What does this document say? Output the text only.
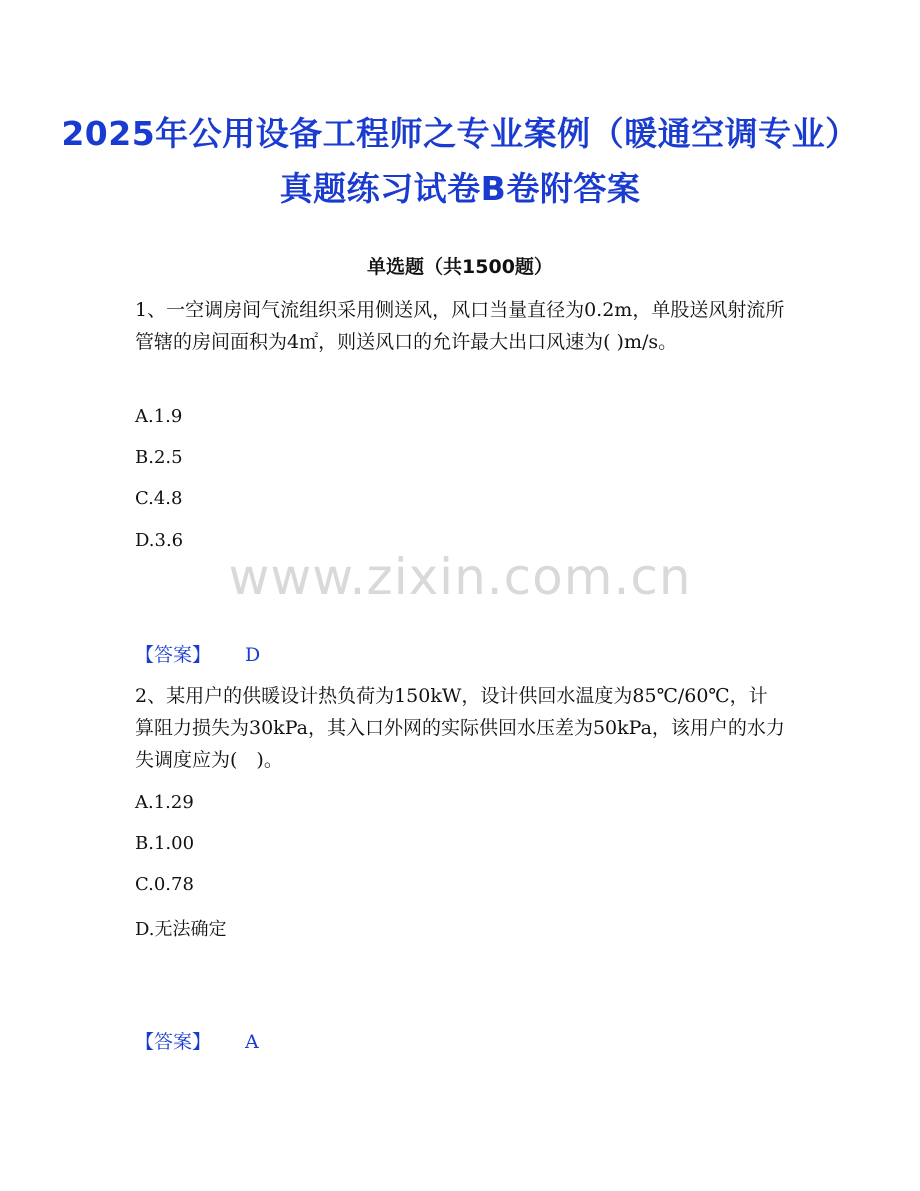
2025年公用设备工程师之专业案例（暖通空调专业）真题练习试卷B卷附答案
单选题（共1500题）
1、一空调房间气流组织采用侧送风，风口当量直径为0.2m，单股送风射流所管辖的房间面积为4㎡，则送风口的允许最大出口风速为( )m/s。
A.1.9
B.2.5
C.4.8
D.3.6
www.zixin.com.cn
【答案】 D
2、某用户的供暖设计热负荷为150kW，设计供回水温度为85℃/60℃，计算阻力损失为30kPa，其入口外网的实际供回水压差为50kPa，该用户的水力失调度应为(　)。
A.1.29
B.1.00
C.0.78
D.无法确定
【答案】 A
